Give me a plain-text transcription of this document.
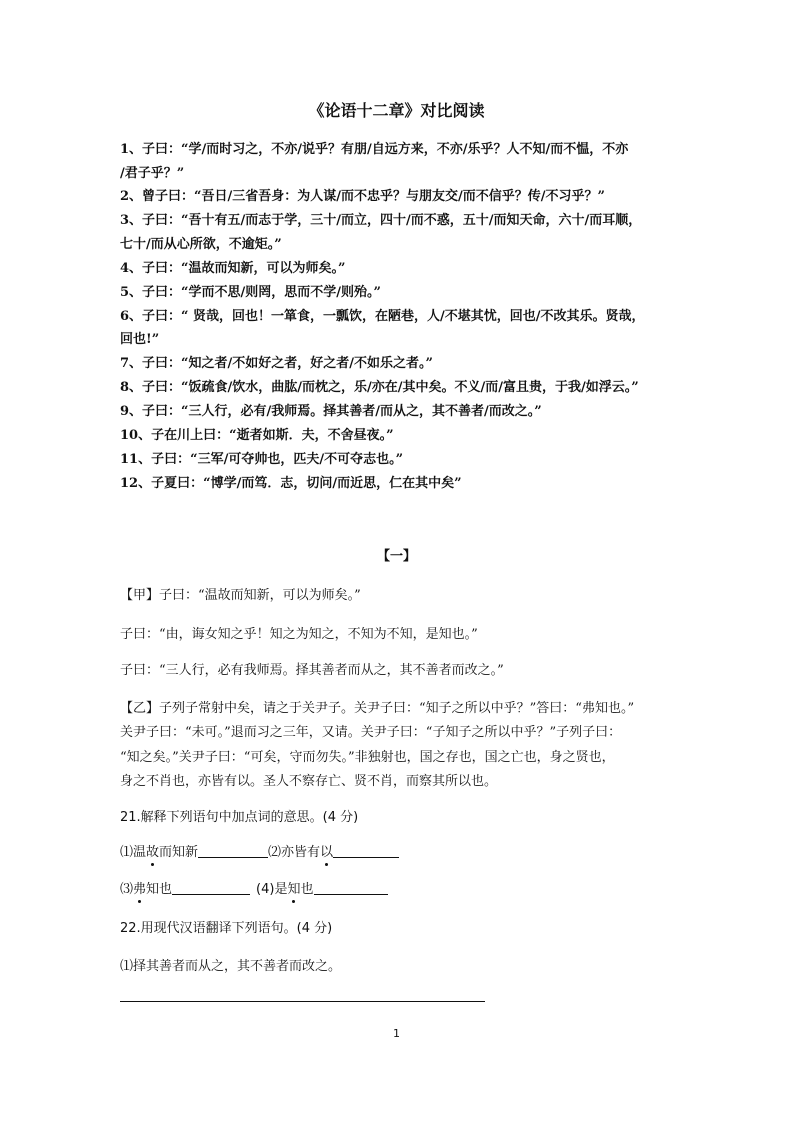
《论语十二章》对比阅读
1、子曰：“学/而时习之，不亦/说乎？有朋/自远方来，不亦/乐乎？人不知/而不愠，不亦
/君子乎？”
2、曾子曰：“吾日/三省吾身：为人谋/而不忠乎？与朋友交/而不信乎？传/不习乎？”
3、子曰：“吾十有五/而志于学，三十/而立，四十/而不惑，五十/而知天命，六十/而耳顺，
七十/而从心所欲，不逾矩。”
4、子曰：“温故而知新，可以为师矣。”
5、子曰：“学而不思/则罔，思而不学/则殆。”
6、子曰：“ 贤哉，回也！一箪食，一瓢饮，在陋巷，人/不堪其忧，回也/不改其乐。贤哉，
回也!”
7、子曰：“知之者/不如好之者，好之者/不如乐之者。”
8、子曰：“饭疏食/饮水，曲肱/而枕之，乐/亦在/其中矣。不义/而/富且贵，于我/如浮云。”
9、子曰：“三人行，必有/我师焉。择其善者/而从之，其不善者/而改之。”
10、子在川上曰：“逝者如斯．夫，不舍昼夜。”
11、子曰：“三军/可夺帅也，匹夫/不可夺志也。”
12、子夏曰：“博学/而笃．志，切问/而近思，仁在其中矣”
【一】
【甲】子曰：“温故而知新，可以为师矣。”
子曰：“由，诲女知之乎！知之为知之，不知为不知，是知也。”
子曰：“三人行，必有我师焉。择其善者而从之，其不善者而改之。”
【乙】子列子常射中矣，请之于关尹子。关尹子曰：“知子之所以中乎？”答曰：“弗知也。”
关尹子曰：“未可。”退而习之三年，又请。关尹子曰：“子知子之所以中乎？”子列子曰：
“知之矣。”关尹子曰：“可矣，守而勿失。”非独射也，国之存也，国之亡也，身之贤也，
身之不肖也，亦皆有以。圣人不察存亡、贤不肖，而察其所以也。
21.解释下列语句中加点词的意思。(4 分)
⑴温故而知新	⑵亦皆有以
⑶弗知也	(4)是知也
22.用现代汉语翻译下列语句。(4 分)
⑴择其善者而从之，其不善者而改之。
1
